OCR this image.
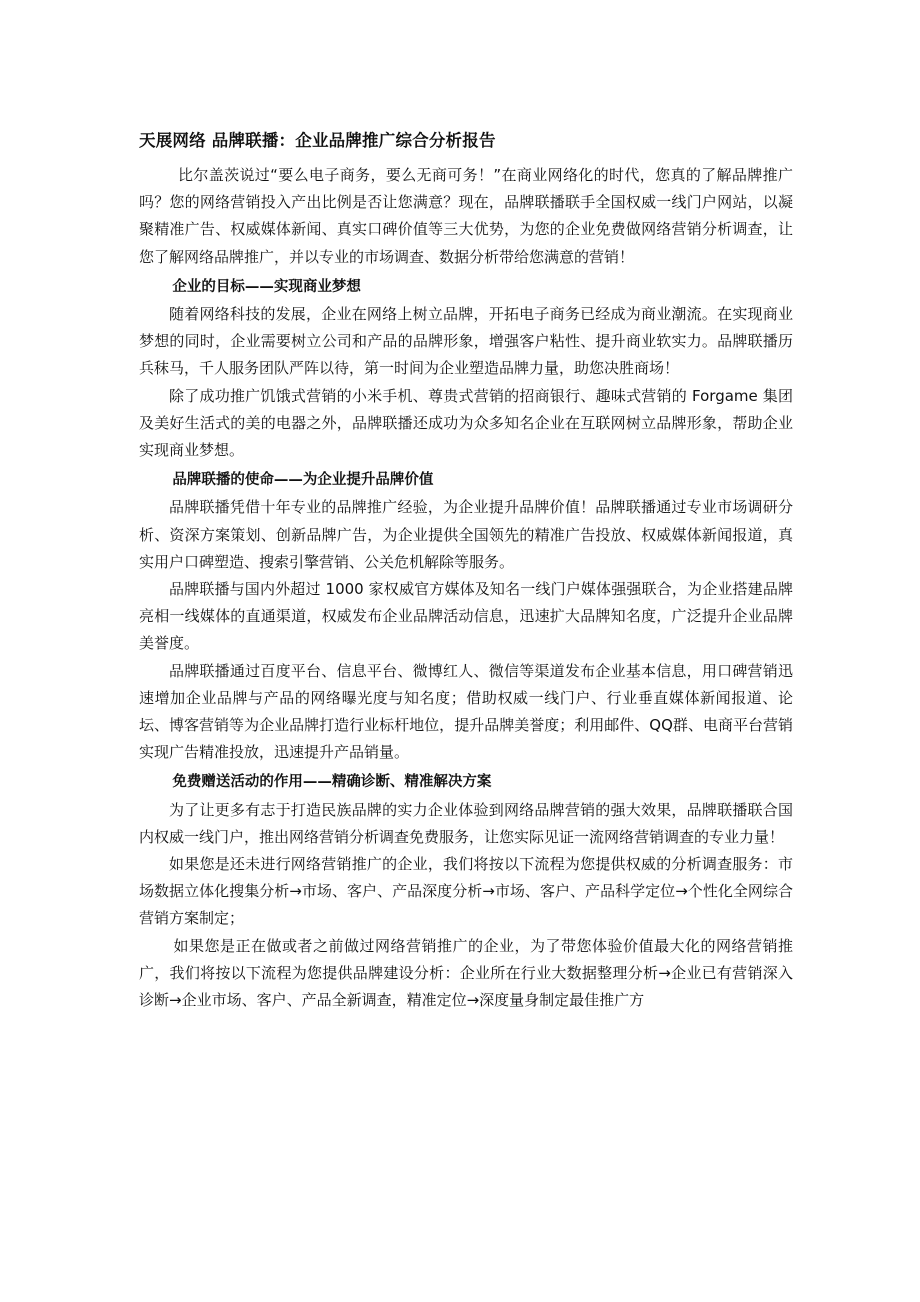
天展网络 品牌联播：企业品牌推广综合分析报告

比尔盖茨说过“要么电子商务，要么无商可务！”在商业网络化的时代，您真的了解品牌推广吗？您的网络营销投入产出比例是否让您满意？现在，品牌联播联手全国权威一线门户网站，以凝聚精准广告、权威媒体新闻、真实口碑价值等三大优势，为您的企业免费做网络营销分析调查，让您了解网络品牌推广，并以专业的市场调查、数据分析带给您满意的营销！

企业的目标——实现商业梦想

随着网络科技的发展，企业在网络上树立品牌，开拓电子商务已经成为商业潮流。在实现商业梦想的同时，企业需要树立公司和产品的品牌形象，增强客户粘性、提升商业软实力。品牌联播历兵秣马，千人服务团队严阵以待，第一时间为企业塑造品牌力量，助您决胜商场！

除了成功推广饥饿式营销的小米手机、尊贵式营销的招商银行、趣味式营销的 Forgame 集团及美好生活式的美的电器之外，品牌联播还成功为众多知名企业在互联网树立品牌形象，帮助企业实现商业梦想。

品牌联播的使命——为企业提升品牌价值

品牌联播凭借十年专业的品牌推广经验，为企业提升品牌价值！品牌联播通过专业市场调研分析、资深方案策划、创新品牌广告，为企业提供全国领先的精准广告投放、权威媒体新闻报道，真实用户口碑塑造、搜索引擎营销、公关危机解除等服务。

品牌联播与国内外超过 1000 家权威官方媒体及知名一线门户媒体强强联合，为企业搭建品牌亮相一线媒体的直通渠道，权威发布企业品牌活动信息，迅速扩大品牌知名度，广泛提升企业品牌美誉度。

品牌联播通过百度平台、信息平台、微博红人、微信等渠道发布企业基本信息，用口碑营销迅速增加企业品牌与产品的网络曝光度与知名度；借助权威一线门户、行业垂直媒体新闻报道、论坛、博客营销等为企业品牌打造行业标杆地位，提升品牌美誉度；利用邮件、QQ群、电商平台营销实现广告精准投放，迅速提升产品销量。

免费赠送活动的作用——精确诊断、精准解决方案

为了让更多有志于打造民族品牌的实力企业体验到网络品牌营销的强大效果，品牌联播联合国内权威一线门户，推出网络营销分析调查免费服务，让您实际见证一流网络营销调查的专业力量！

如果您是还未进行网络营销推广的企业，我们将按以下流程为您提供权威的分析调查服务：市场数据立体化搜集分析→市场、客户、产品深度分析→市场、客户、产品科学定位→个性化全网综合营销方案制定；

如果您是正在做或者之前做过网络营销推广的企业，为了带您体验价值最大化的网络营销推广，我们将按以下流程为您提供品牌建设分析：企业所在行业大数据整理分析→企业已有营销深入诊断→企业市场、客户、产品全新调查，精准定位→深度量身制定最佳推广方
